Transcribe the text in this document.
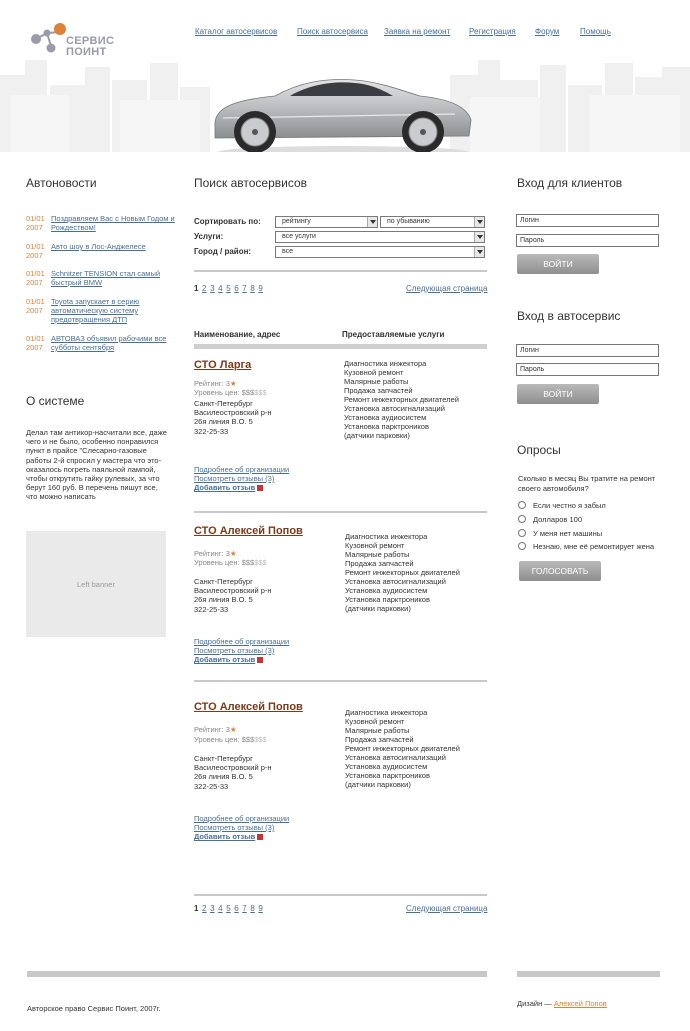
СЕРВИС
ПОИНТ
Каталог автосервисов Поиск автосервиса Заявка на ремонт Регистрация Форум	Помощь
Автоновости
01/01 2007
Поздравляем Вас с Новым Годом и Рождеством!
01/01 2007
Авто шоу в Лос-Анджелесе
01/01 2007
Schnitzer TENSION стал самый быстрый BMW
01/01 2007
Toyota запускает в серию автоматическую систему предотвращения ДТП
01/01 2007
АВТОВАЗ объявил рабочими все субботы сентября
О системе
Делал там антикор-насчитали все, даже чего и не было, особенно понравился пункт в прайсе "Слесарно-газовые работы 2-й спросил у мастера что это-оказалось погреть паяльной лампой, чтобы открутить гайку рулевых, за что берут 160 руб. В перечень пишут все, что можно написать
Left banner
Поиск автосервисов
Сортировать по:	рейтингу	по убыванию
Услуги:	все услуги
Город / район:	все
1 2 3 4 5 6 7 8 9	Следующая страница
Наименование, адрес	Предоставляемые услуги
СТО Ларга
Рейтинг: 3★
Уровень цен: $$$$$$
Санкт-Петербург
Василеостровский р-н
26я линия В.О. 5
322-25-33
Диагностика инжектора
Кузовной ремонт
Малярные работы
Продажа запчастей
Ремонт инжекторных двигателей
Установка автосигнализаций
Установка аудиосистем
Установка парктроников
(датчики парковки)
Подробнее об организации
Посмотреть отзывы (3)
Добавить отзыв
СТО Алексей Попов
Рейтинг: 3★
Уровень цен: $$$$$$
Санкт-Петербург
Василеостровский р-н
26я линия В.О. 5
322-25-33
Диагностика инжектора
Кузовной ремонт
Малярные работы
Продажа запчастей
Ремонт инжекторных двигателей
Установка автосигнализаций
Установка аудиосистем
Установка парктроников
(датчики парковки)
Подробнее об организации
Посмотреть отзывы (3)
Добавить отзыв
СТО Алексей Попов
Рейтинг: 3★
Уровень цен: $$$$$$
Санкт-Петербург
Василеостровский р-н
26я линия В.О. 5
322-25-33
Диагностика инжектора
Кузовной ремонт
Малярные работы
Продажа запчастей
Ремонт инжекторных двигателей
Установка автосигнализаций
Установка аудиосистем
Установка парктроников
(датчики парковки)
Подробнее об организации
Посмотреть отзывы (3)
Добавить отзыв
1 2 3 4 5 6 7 8 9	Следующая страница
Вход для клиентов
Логин
Пароль
ВОЙТИ
Вход в автосервис
Логин
Пароль
ВОЙТИ
Опросы
Сколько в месяц Вы тратите на ремонт своего автомобиля?
Если честно я забыл
Долларов 100
У меня нет машины
Незнаю, мне её ремонтирует жена
ГОЛОСОВАТЬ
Авторское право Сервис Поинт, 2007г.
Дизайн — Алексей Попов
